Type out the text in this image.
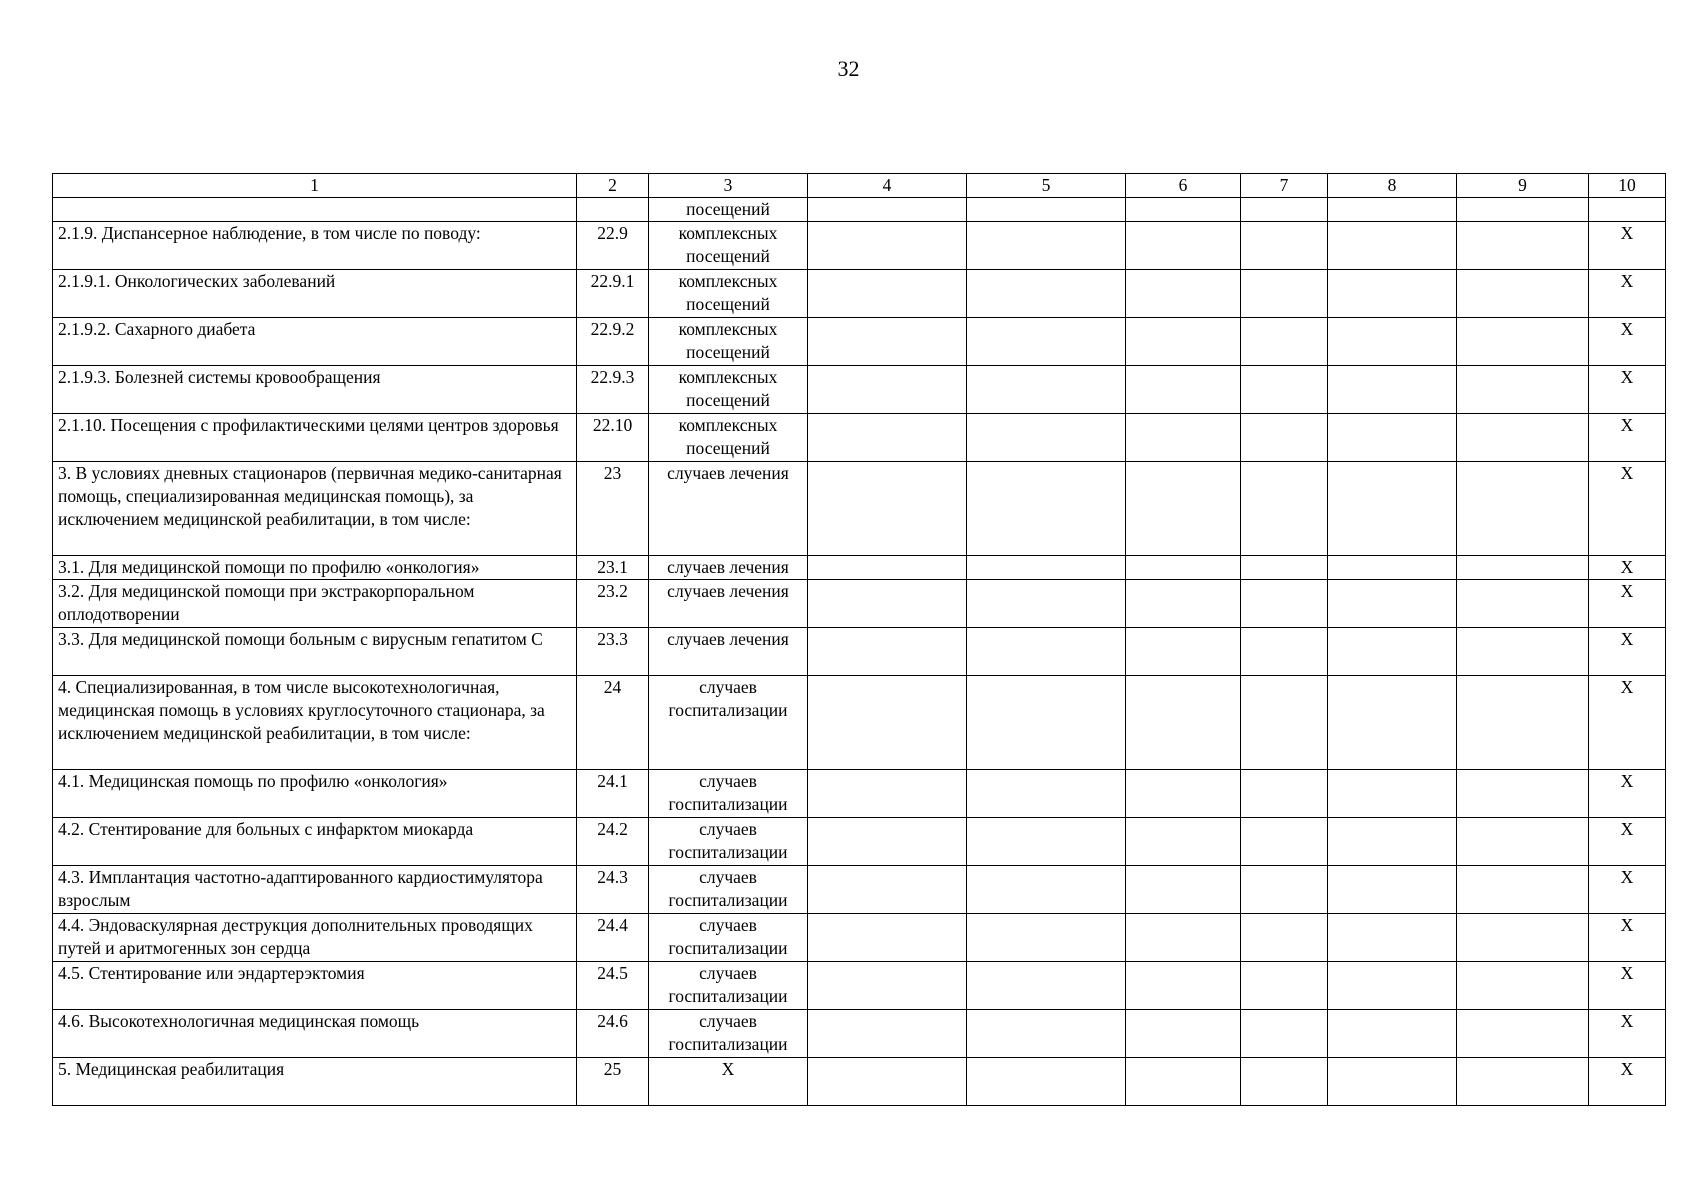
32
1	2	3	4	5	6	7	8	9	10
		посещений							
2.1.9. Диспансерное наблюдение, в том числе по поводу:	22.9	комплексных посещений							X
2.1.9.1. Онкологических заболеваний	22.9.1	комплексных посещений							X
2.1.9.2. Сахарного диабета	22.9.2	комплексных посещений							X
2.1.9.3. Болезней системы кровообращения	22.9.3	комплексных посещений							X
2.1.10. Посещения с профилактическими целями центров здоровья	22.10	комплексных посещений							X
3. В условиях дневных стационаров (первичная медико-санитарная помощь, специализированная медицинская помощь), за исключением медицинской реабилитации, в том числе:	23	случаев лечения							X
3.1. Для медицинской помощи по профилю «онкология»	23.1	случаев лечения							X
3.2. Для медицинской помощи при экстракорпоральном оплодотворении	23.2	случаев лечения							X
3.3. Для медицинской помощи больным с вирусным гепатитом С	23.3	случаев лечения							X
4. Специализированная, в том числе высокотехнологичная, медицинская помощь в условиях круглосуточного стационара, за исключением медицинской реабилитации, в том числе:	24	случаев госпитализации							X
4.1. Медицинская помощь по профилю «онкология»	24.1	случаев госпитализации							X
4.2. Стентирование для больных с инфарктом миокарда	24.2	случаев госпитализации							X
4.3. Имплантация частотно-адаптированного кардиостимулятора взрослым	24.3	случаев госпитализации							X
4.4. Эндоваскулярная деструкция дополнительных проводящих путей и аритмогенных зон сердца	24.4	случаев госпитализации							X
4.5. Стентирование или эндартерэктомия	24.5	случаев госпитализации							X
4.6. Высокотехнологичная медицинская помощь	24.6	случаев госпитализации							X
5. Медицинская реабилитация	25	X							X
